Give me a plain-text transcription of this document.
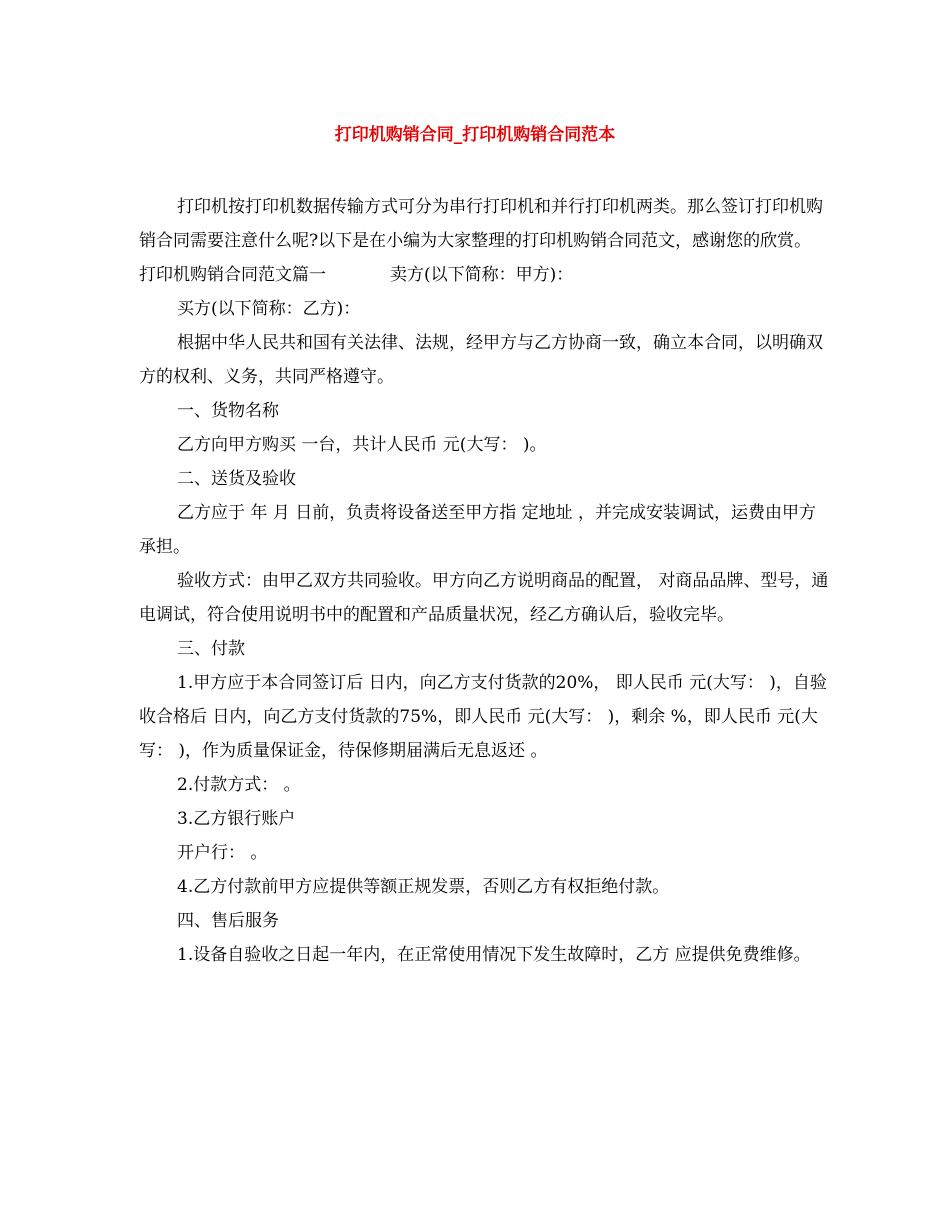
打印机购销合同_打印机购销合同范本

打印机按打印机数据传输方式可分为串行打印机和并行打印机两类。那么签订打印机购销合同需要注意什么呢?以下是在小编为大家整理的打印机购销合同范文，感谢您的欣赏。

打印机购销合同范文篇一	卖方(以下简称：甲方)：

买方(以下简称：乙方)：

根据中华人民共和国有关法律、法规，经甲方与乙方协商一致，确立本合同，以明确双方的权利、义务，共同严格遵守。

一、货物名称

乙方向甲方购买 一台，共计人民币 元(大写： )。

二、送货及验收

乙方应于 年 月 日前，负责将设备送至甲方指 定地址 ，并完成安装调试，运费由甲方承担。

验收方式：由甲乙双方共同验收。甲方向乙方说明商品的配置， 对商品品牌、型号，通电调试，符合使用说明书中的配置和产品质量状况，经乙方确认后，验收完毕。

三、付款

1.甲方应于本合同签订后 日内，向乙方支付货款的20%， 即人民币 元(大写： )，自验收合格后 日内，向乙方支付货款的75%，即人民币 元(大写： )，剩余 %，即人民币 元(大写： )，作为质量保证金，待保修期届满后无息返还 。

2.付款方式： 。

3.乙方银行账户

开户行： 。

4.乙方付款前甲方应提供等额正规发票，否则乙方有权拒绝付款。

四、售后服务

1.设备自验收之日起一年内，在正常使用情况下发生故障时，乙方 应提供免费维修。
